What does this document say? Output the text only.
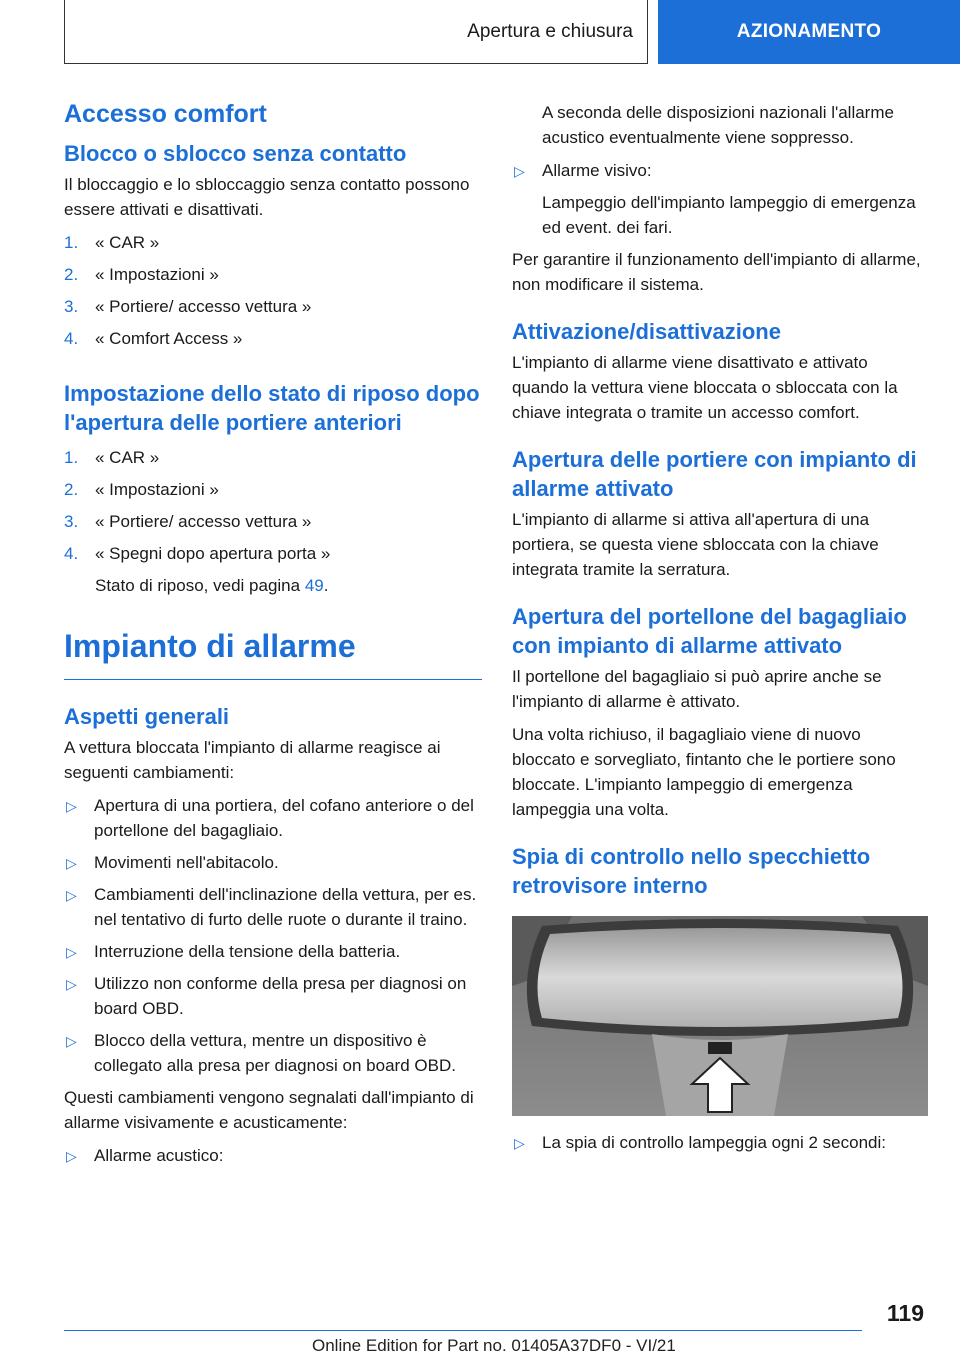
Apertura e chiusura	AZIONAMENTO
Accesso comfort
Blocco o sblocco senza contatto

Il bloccaggio e lo sbloccaggio senza contatto possono essere attivati e disattivati.

1. « CAR »
2. « Impostazioni »
3. « Portiere/ accesso vettura »
4. « Comfort Access »
Impostazione dello stato di riposo dopo l'apertura delle portiere anteriori
1. « CAR »
2. « Impostazioni »
3. « Portiere/ accesso vettura »
4. « Spegni dopo apertura porta »
Stato di riposo, vedi pagina 49.
Impianto di allarme
Aspetti generali

A vettura bloccata l'impianto di allarme reagisce ai seguenti cambiamenti:

▷ Apertura di una portiera, del cofano anteriore o del portellone del bagagliaio.
▷ Movimenti nell'abitacolo.
▷ Cambiamenti dell'inclinazione della vettura, per es. nel tentativo di furto delle ruote o durante il traino.
▷ Interruzione della tensione della batteria.
▷ Utilizzo non conforme della presa per diagnosi on board OBD.
▷ Blocco della vettura, mentre un dispositivo è collegato alla presa per diagnosi on board OBD.

Questi cambiamenti vengono segnalati dall'impianto di allarme visivamente e acusticamente:

▷ Allarme acustico:

A seconda delle disposizioni nazionali l'allarme acustico eventualmente viene soppresso.

▷ Allarme visivo:
Lampeggio dell'impianto lampeggio di emergenza ed event. dei fari.

Per garantire il funzionamento dell'impianto di allarme, non modificare il sistema.

Attivazione/disattivazione

L'impianto di allarme viene disattivato e attivato quando la vettura viene bloccata o sbloccata con la chiave integrata o tramite un accesso comfort.

Apertura delle portiere con impianto di allarme attivato

L'impianto di allarme si attiva all'apertura di una portiera, se questa viene sbloccata con la chiave integrata tramite la serratura.

Apertura del portellone del bagagliaio con impianto di allarme attivato

Il portellone del bagagliaio si può aprire anche se l'impianto di allarme è attivato.

Una volta richiuso, il bagagliaio viene di nuovo bloccato e sorvegliato, fintanto che le portiere sono bloccate. L'impianto lampeggio di emergenza lampeggia una volta.

Spia di controllo nello specchietto retrovisore interno
▷ La spia di controllo lampeggia ogni 2 secondi:
119
Online Edition for Part no. 01405A37DF0 - VI/21
